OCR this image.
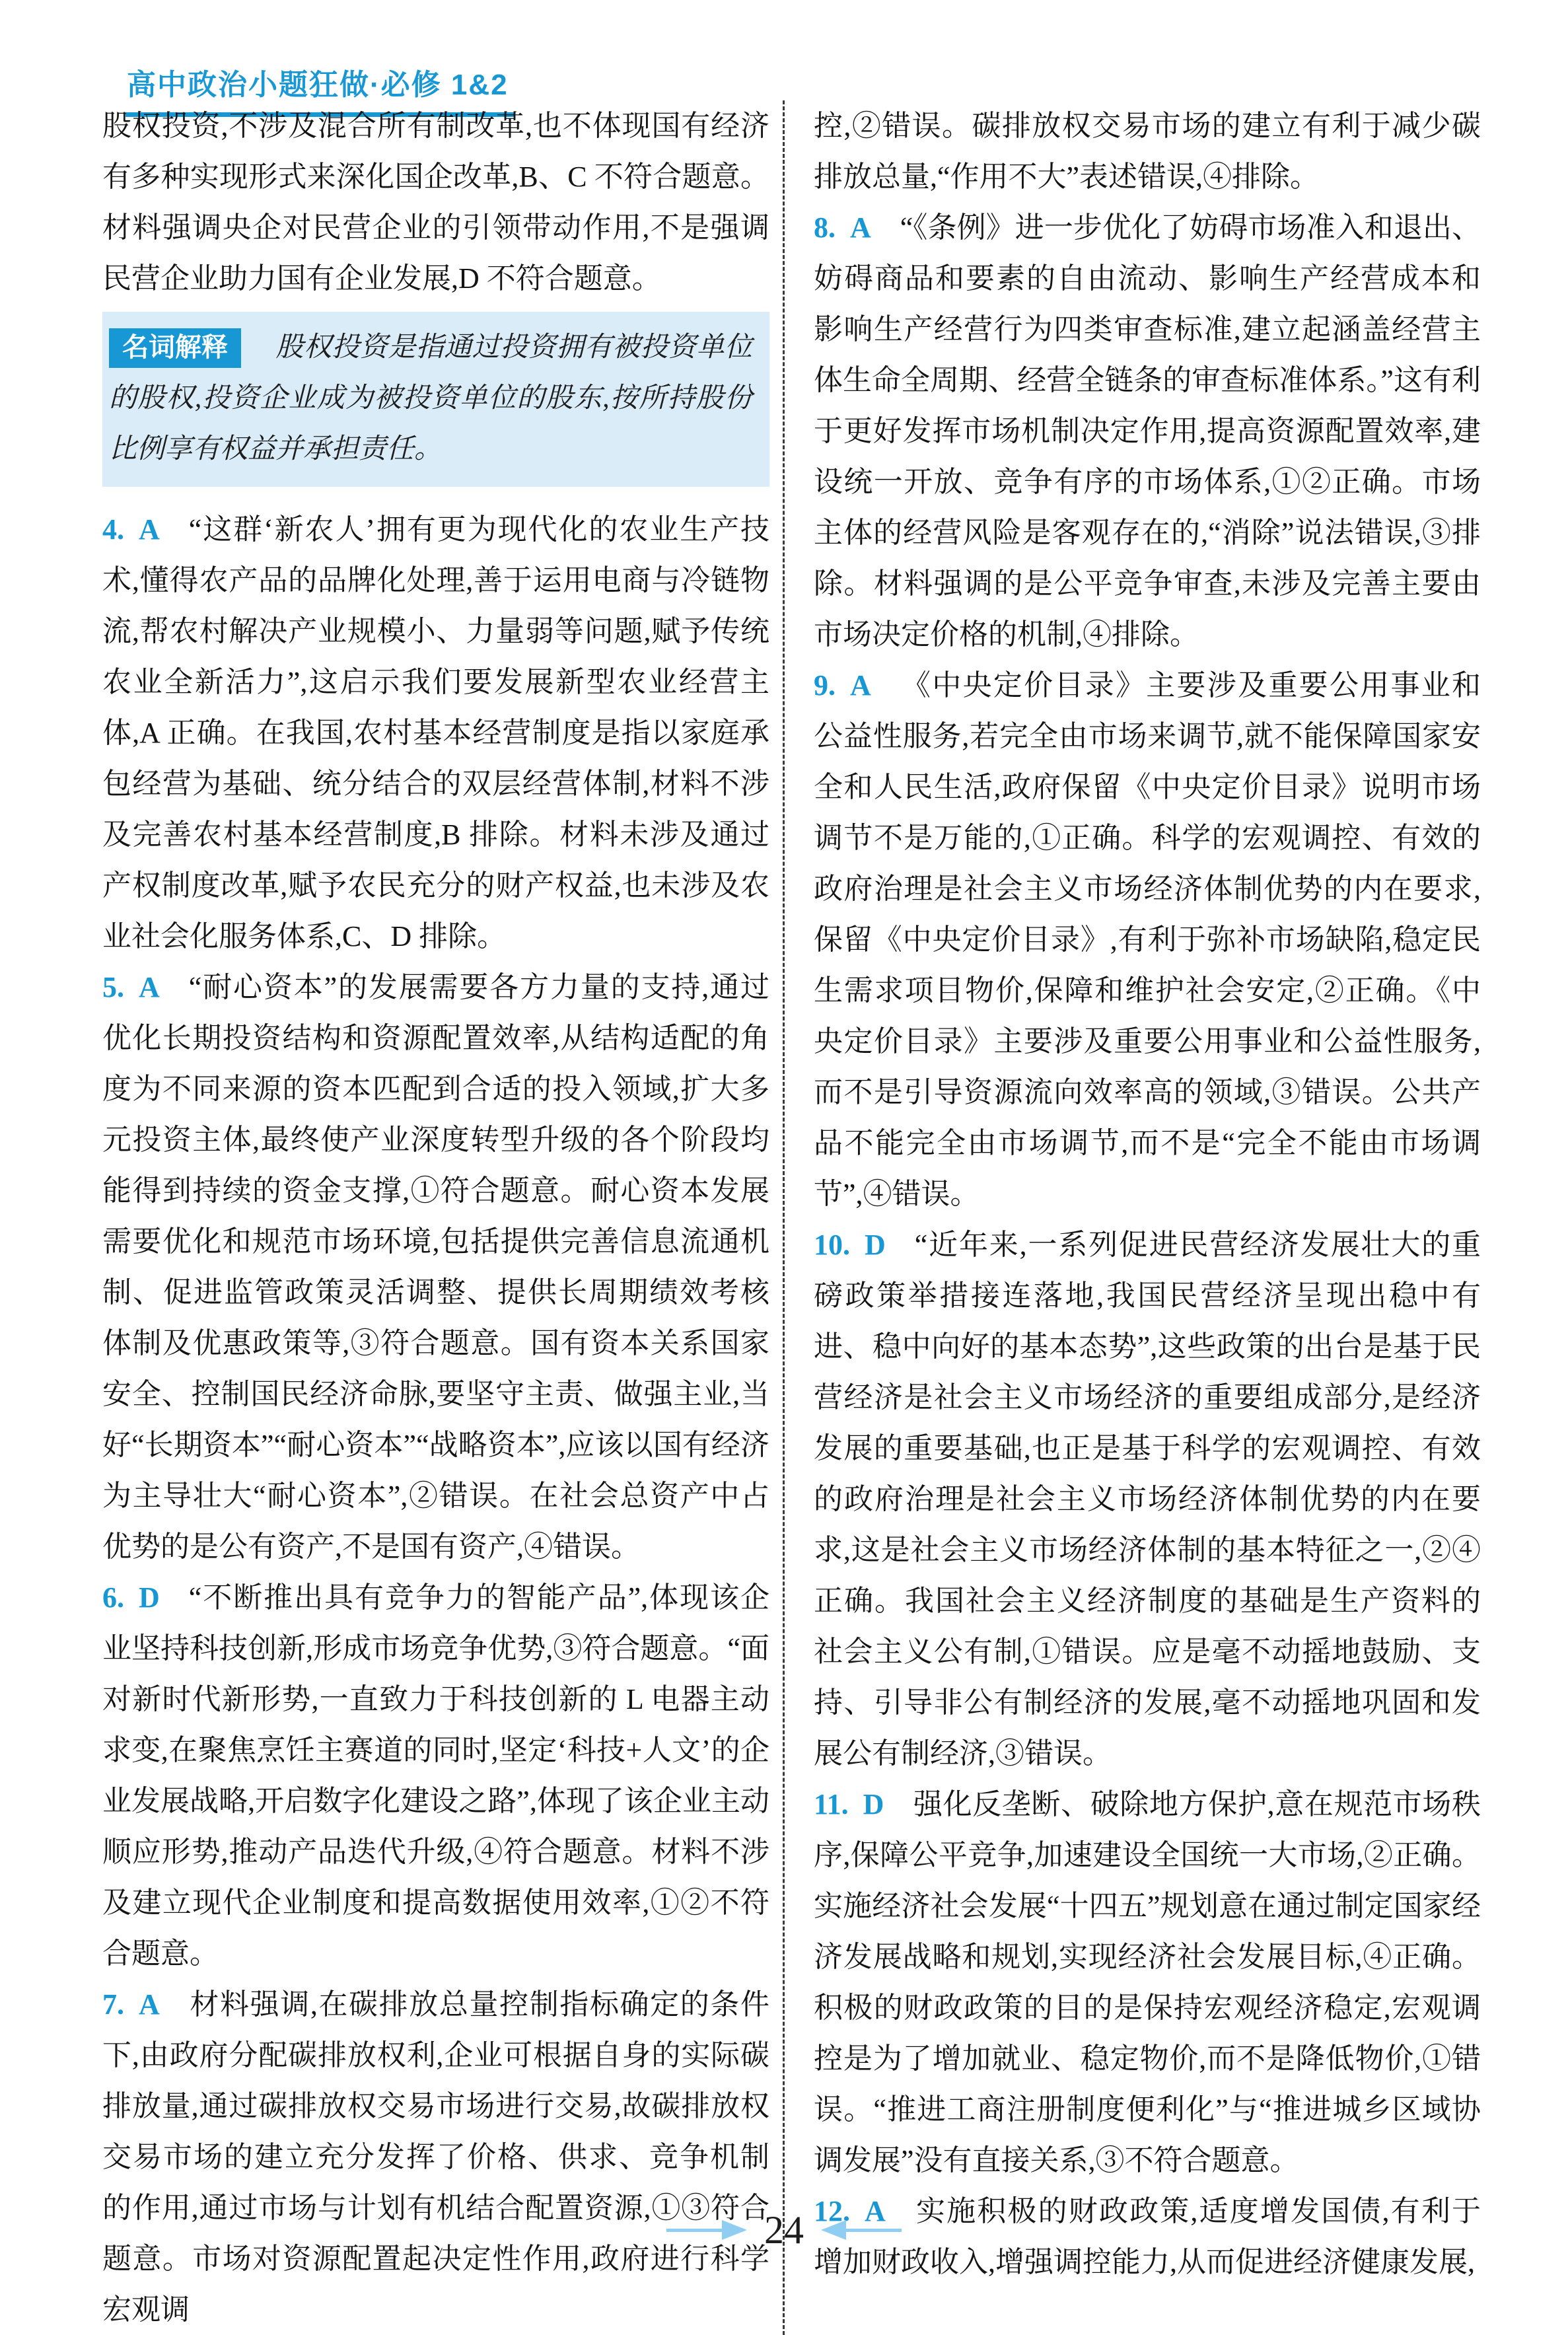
高中政治小题狂做·必修 1&2

股权投资,不涉及混合所有制改革,也不体现国有经济有多种实现形式来深化国企改革,B、C 不符合题意。材料强调央企对民营企业的引领带动作用,不是强调民营企业助力国有企业发展,D 不符合题意。

名词解释 股权投资是指通过投资拥有被投资单位的股权,投资企业成为被投资单位的股东,按所持股份比例享有权益并承担责任。

4. A “这群‘新农人’拥有更为现代化的农业生产技术,懂得农产品的品牌化处理,善于运用电商与冷链物流,帮农村解决产业规模小、力量弱等问题,赋予传统农业全新活力”,这启示我们要发展新型农业经营主体,A 正确。在我国,农村基本经营制度是指以家庭承包经营为基础、统分结合的双层经营体制,材料不涉及完善农村基本经营制度,B 排除。材料未涉及通过产权制度改革,赋予农民充分的财产权益,也未涉及农业社会化服务体系,C、D 排除。

5. A “耐心资本”的发展需要各方力量的支持,通过优化长期投资结构和资源配置效率,从结构适配的角度为不同来源的资本匹配到合适的投入领域,扩大多元投资主体,最终使产业深度转型升级的各个阶段均能得到持续的资金支撑,①符合题意。耐心资本发展需要优化和规范市场环境,包括提供完善信息流通机制、促进监管政策灵活调整、提供长周期绩效考核体制及优惠政策等,③符合题意。国有资本关系国家安全、控制国民经济命脉,要坚守主责、做强主业,当好“长期资本”“耐心资本”“战略资本”,应该以国有经济为主导壮大“耐心资本”,②错误。在社会总资产中占优势的是公有资产,不是国有资产,④错误。

6. D “不断推出具有竞争力的智能产品”,体现该企业坚持科技创新,形成市场竞争优势,③符合题意。“面对新时代新形势,一直致力于科技创新的 L 电器主动求变,在聚焦烹饪主赛道的同时,坚定‘科技+人文’的企业发展战略,开启数字化建设之路”,体现了该企业主动顺应形势,推动产品迭代升级,④符合题意。材料不涉及建立现代企业制度和提高数据使用效率,①②不符合题意。

7. A 材料强调,在碳排放总量控制指标确定的条件下,由政府分配碳排放权利,企业可根据自身的实际碳排放量,通过碳排放权交易市场进行交易,故碳排放权交易市场的建立充分发挥了价格、供求、竞争机制的作用,通过市场与计划有机结合配置资源,①③符合题意。市场对资源配置起决定性作用,政府进行科学宏观调

控,②错误。碳排放权交易市场的建立有利于减少碳排放总量,“作用不大”表述错误,④排除。

8. A “《条例》进一步优化了妨碍市场准入和退出、妨碍商品和要素的自由流动、影响生产经营成本和影响生产经营行为四类审查标准,建立起涵盖经营主体生命全周期、经营全链条的审查标准体系。”这有利于更好发挥市场机制决定作用,提高资源配置效率,建设统一开放、竞争有序的市场体系,①②正确。市场主体的经营风险是客观存在的,“消除”说法错误,③排除。材料强调的是公平竞争审查,未涉及完善主要由市场决定价格的机制,④排除。

9. A 《中央定价目录》主要涉及重要公用事业和公益性服务,若完全由市场来调节,就不能保障国家安全和人民生活,政府保留《中央定价目录》说明市场调节不是万能的,①正确。科学的宏观调控、有效的政府治理是社会主义市场经济体制优势的内在要求,保留《中央定价目录》,有利于弥补市场缺陷,稳定民生需求项目物价,保障和维护社会安定,②正确。《中央定价目录》主要涉及重要公用事业和公益性服务,而不是引导资源流向效率高的领域,③错误。公共产品不能完全由市场调节,而不是“完全不能由市场调节”,④错误。

10. D “近年来,一系列促进民营经济发展壮大的重磅政策举措接连落地,我国民营经济呈现出稳中有进、稳中向好的基本态势”,这些政策的出台是基于民营经济是社会主义市场经济的重要组成部分,是经济发展的重要基础,也正是基于科学的宏观调控、有效的政府治理是社会主义市场经济体制优势的内在要求,这是社会主义市场经济体制的基本特征之一,②④正确。我国社会主义经济制度的基础是生产资料的社会主义公有制,①错误。应是毫不动摇地鼓励、支持、引导非公有制经济的发展,毫不动摇地巩固和发展公有制经济,③错误。

11. D 强化反垄断、破除地方保护,意在规范市场秩序,保障公平竞争,加速建设全国统一大市场,②正确。实施经济社会发展“十四五”规划意在通过制定国家经济发展战略和规划,实现经济社会发展目标,④正确。积极的财政政策的目的是保持宏观经济稳定,宏观调控是为了增加就业、稳定物价,而不是降低物价,①错误。“推进工商注册制度便利化”与“推进城乡区域协调发展”没有直接关系,③不符合题意。

12. A 实施积极的财政政策,适度增发国债,有利于增加财政收入,增强调控能力,从而促进经济健康发展,

24
